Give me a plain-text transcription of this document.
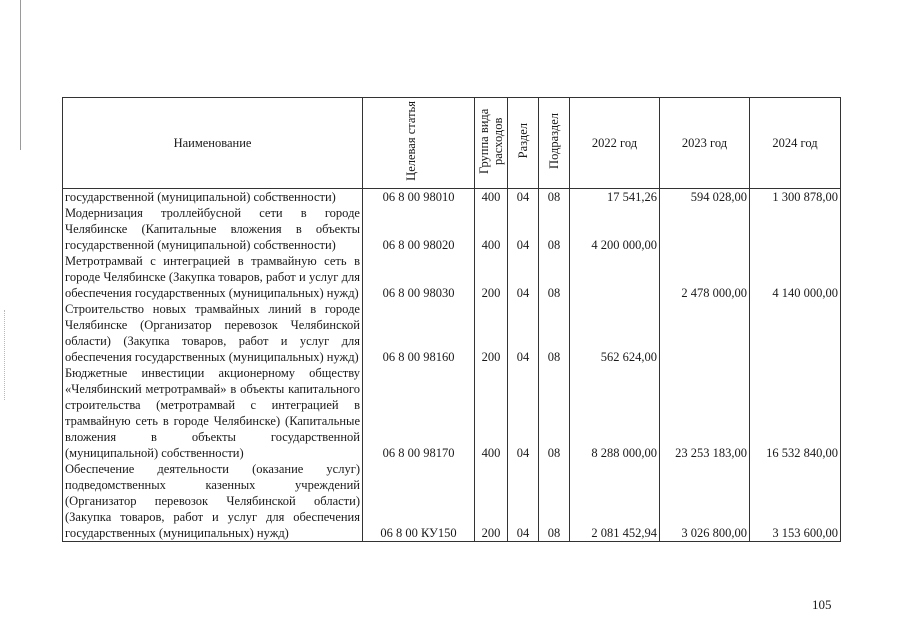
Наименование	Целевая статья	Группа вида расходов	Раздел	Подраздел	2022 год	2023 год	2024 год
государственной (муниципальной) собственности)	06 8 00 98010	400	04	08	17 541,26	594 028,00	1 300 878,00
Модернизация троллейбусной сети в городе Челябинске (Капитальные вложения в объекты государственной (муниципальной) собственности)	06 8 00 98020	400	04	08	4 200 000,00		
Метротрамвай с интеграцией в трамвайную сеть в городе Челябинске (Закупка товаров, работ и услуг для обеспечения государственных (муниципальных) нужд)	06 8 00 98030	200	04	08		2 478 000,00	4 140 000,00
Строительство новых трамвайных линий в городе Челябинске (Организатор перевозок Челябинской области) (Закупка товаров, работ и услуг для обеспечения государственных (муниципальных) нужд)	06 8 00 98160	200	04	08	562 624,00		
Бюджетные инвестиции акционерному обществу «Челябинский метротрамвай» в объекты капитального строительства (метротрамвай с интеграцией в трамвайную сеть в городе Челябинске) (Капитальные вложения в объекты государственной (муниципальной) собственности)	06 8 00 98170	400	04	08	8 288 000,00	23 253 183,00	16 532 840,00
Обеспечение деятельности (оказание услуг) подведомственных казенных учреждений (Организатор перевозок Челябинской области) (Закупка товаров, работ и услуг для обеспечения государственных (муниципальных) нужд)	06 8 00 КУ150	200	04	08	2 081 452,94	3 026 800,00	3 153 600,00
105
